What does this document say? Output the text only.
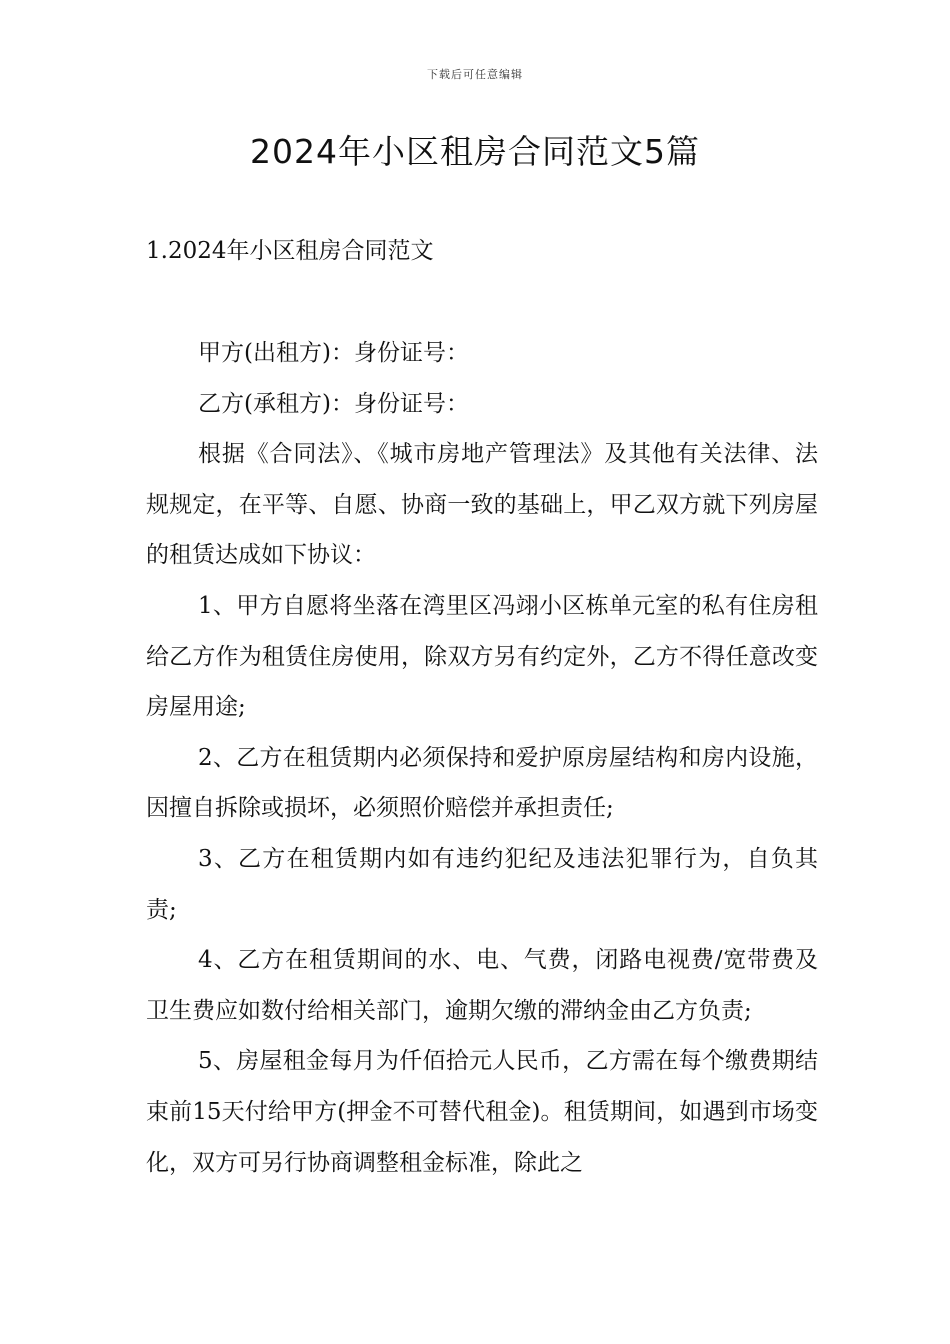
下载后可任意编辑
2024年小区租房合同范文5篇
1.2024年小区租房合同范文

甲方(出租方)：身份证号：

乙方(承租方)：身份证号：

根据《合同法》、《城市房地产管理法》及其他有关法律、法规规定，在平等、自愿、协商一致的基础上，甲乙双方就下列房屋的租赁达成如下协议：

1、甲方自愿将坐落在湾里区冯翊小区栋单元室的私有住房租给乙方作为租赁住房使用，除双方另有约定外，乙方不得任意改变房屋用途;

2、乙方在租赁期内必须保持和爱护原房屋结构和房内设施，因擅自拆除或损坏，必须照价赔偿并承担责任;

3、乙方在租赁期内如有违约犯纪及违法犯罪行为，自负其责;

4、乙方在租赁期间的水、电、气费，闭路电视费/宽带费及卫生费应如数付给相关部门，逾期欠缴的滞纳金由乙方负责;

5、房屋租金每月为仟佰拾元人民币，乙方需在每个缴费期结束前15天付给甲方(押金不可替代租金)。租赁期间，如遇到市场变化，双方可另行协商调整租金标准，除此之
